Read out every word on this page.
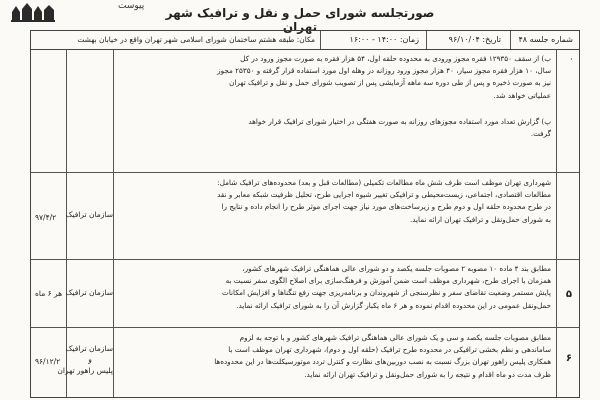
پیوست	صورتجلسه شورای حمل و نقل و ترافیک شهر تهران
شماره جلسه ۴۸
تاریخ: ۹۶/۱۰/۰۴
زمان: ۱۴:۰۰ - ۱۶:۰۰
مکان: طبقه هشتم ساختمان شورای اسلامی شهر تهران واقع در خیابان بهشت

ب) از سقف ۱۲۹۳۵۰ فقره مجوز ورودی به محدوده حلقه اول، ۵۴ هزار فقره به صورت مجوز ورود در کل

سال، ۱۰ هزار فقره مجوز سیار، ۴۰ هزار مجوز ورود روزانه در وهله اول مورد استفاده قرار گرفته و ۲۵۳۵۰ مجوز

نیز به صورت ذخیره و پس از طی دوره سه ماهه آزمایشی پس از تصویب شورای حمل و نقل و ترافیک تهران

عملیاتی خواهد شد.

پ) گزارش تعداد مورد استفاده مجوزهای روزانه به صورت هفتگی در اختیار شورای ترافیک قرار خواهد

گرفت.

·

شهرداری تهران موظف است ظرف شش ماه مطالعات تکمیلی (مطالعات قبل و بعد) محدوده‌های ترافیک شامل:

مطالعات اقتصادی، اجتماعی، زیست‌محیطی و ترافیکی تغییر شیوه اجرایی طرح، تحلیل ظرفیت شبکه معابر و نقد

در طرح محدوده حلقه اول و دوم طرح و زیرساخت‌های مورد نیاز جهت اجرای موثر طرح را انجام داده و نتایج را

به شورای حمل‌ونقل و ترافیک تهران ارائه نماید.

سازمان ترافیک
۹۷/۴/۲
۵

مطابق بند ۴ ماده ۱۰ مصوبه ۲ مصوبات جلسه یکصد و دو شورای عالی هماهنگی ترافیک شهرهای کشور،

همزمان با اجرای طرح، شهرداری موظف است ضمن آموزش و فرهنگ‌سازی برای اصلاح الگوی سفر نسبت به

پایش مستمر وضعیت تقاضای سفر و نظرسنجی از شهروندان و برنامه‌ریزی جهت رفع تنگناها و افزایش امکانات

حمل‌ونقل عمومی در این محدوده اقدام نموده و هر ۶ ماه یکبار گزارش آن را به شورای ترافیک ارائه نماید.

سازمان ترافیک
هر ۶ ماه
۶

مطابق مصوبات جلسه یکصد و سی و یک شورای عالی هماهنگی ترافیک شهرهای کشور و با توجه به لزوم

ساماندهی و نظم بخشی ترافیکی در محدوده طرح ترافیک (حلقه اول و دوم)، شهرداری تهران موظف است با

همکاری پلیس راهور تهران بزرگ نسبت به نصب دوربین‌های نظارت و کنترل تردد موتورسیکلت‌ها در این محدوده‌ها

ظرف مدت دو ماه اقدام و نتیجه را به شورای حمل‌ونقل و ترافیک تهران ارائه نماید.

سازمان ترافیک
و
پلیس راهور تهران
۹۶/۱۲/۲
